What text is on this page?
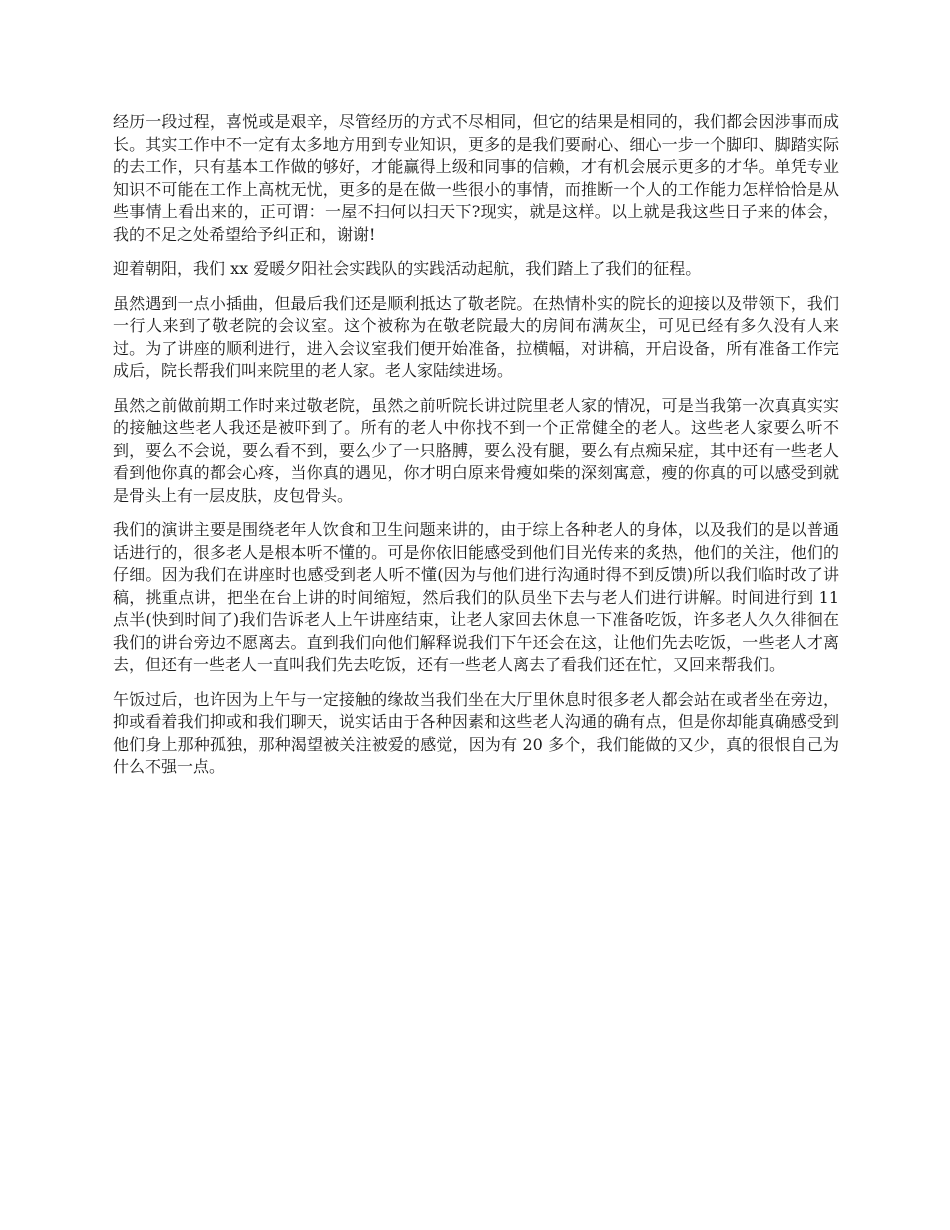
经历一段过程，喜悦或是艰辛，尽管经历的方式不尽相同，但它的结果是相同的，我们都会因涉事而成长。其实工作中不一定有太多地方用到专业知识，更多的是我们要耐心、细心一步一个脚印、脚踏实际的去工作，只有基本工作做的够好，才能赢得上级和同事的信赖，才有机会展示更多的才华。单凭专业知识不可能在工作上高枕无忧，更多的是在做一些很小的事情，而推断一个人的工作能力怎样恰恰是从些事情上看出来的，正可谓：一屋不扫何以扫天下?现实，就是这样。以上就是我这些日子来的体会，我的不足之处希望给予纠正和，谢谢!

迎着朝阳，我们 xx 爱暖夕阳社会实践队的实践活动起航，我们踏上了我们的征程。

虽然遇到一点小插曲，但最后我们还是顺利抵达了敬老院。在热情朴实的院长的迎接以及带领下，我们一行人来到了敬老院的会议室。这个被称为在敬老院最大的房间布满灰尘，可见已经有多久没有人来过。为了讲座的顺利进行，进入会议室我们便开始准备，拉横幅，对讲稿，开启设备，所有准备工作完成后，院长帮我们叫来院里的老人家。老人家陆续进场。

虽然之前做前期工作时来过敬老院，虽然之前听院长讲过院里老人家的情况，可是当我第一次真真实实的接触这些老人我还是被吓到了。所有的老人中你找不到一个正常健全的老人。这些老人家要么听不到，要么不会说，要么看不到，要么少了一只胳膊，要么没有腿，要么有点痴呆症，其中还有一些老人看到他你真的都会心疼，当你真的遇见，你才明白原来骨瘦如柴的深刻寓意，瘦的你真的可以感受到就是骨头上有一层皮肤，皮包骨头。

我们的演讲主要是围绕老年人饮食和卫生问题来讲的，由于综上各种老人的身体，以及我们的是以普通话进行的，很多老人是根本听不懂的。可是你依旧能感受到他们目光传来的炙热，他们的关注，他们的仔细。因为我们在讲座时也感受到老人听不懂(因为与他们进行沟通时得不到反馈)所以我们临时改了讲稿，挑重点讲，把坐在台上讲的时间缩短，然后我们的队员坐下去与老人们进行讲解。时间进行到 11 点半(快到时间了)我们告诉老人上午讲座结束，让老人家回去休息一下准备吃饭，许多老人久久徘徊在我们的讲台旁边不愿离去。直到我们向他们解释说我们下午还会在这，让他们先去吃饭，一些老人才离去，但还有一些老人一直叫我们先去吃饭，还有一些老人离去了看我们还在忙，又回来帮我们。

午饭过后，也许因为上午与一定接触的缘故当我们坐在大厅里休息时很多老人都会站在或者坐在旁边，抑或看着我们抑或和我们聊天，说实话由于各种因素和这些老人沟通的确有点，但是你却能真确感受到他们身上那种孤独，那种渴望被关注被爱的感觉，因为有 20 多个，我们能做的又少，真的很恨自己为什么不强一点。
